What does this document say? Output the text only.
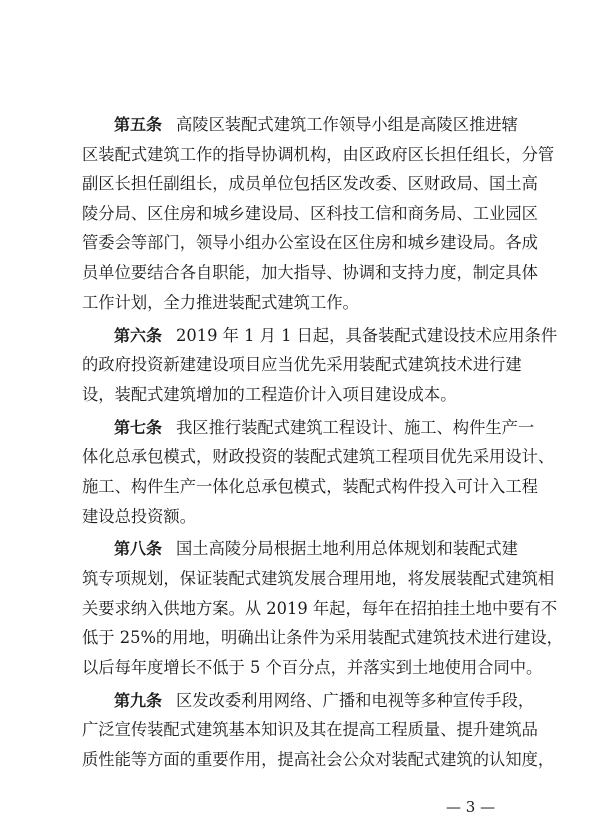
第五条 高陵区装配式建筑工作领导小组是高陵区推进辖
区装配式建筑工作的指导协调机构，由区政府区长担任组长，分管
副区长担任副组长，成员单位包括区发改委、区财政局、国土高
陵分局、区住房和城乡建设局、区科技工信和商务局、工业园区
管委会等部门，领导小组办公室设在区住房和城乡建设局。各成
员单位要结合各自职能，加大指导、协调和支持力度，制定具体
工作计划，全力推进装配式建筑工作。
第六条 2019 年 1 月 1 日起，具备装配式建设技术应用条件
的政府投资新建建设项目应当优先采用装配式建筑技术进行建
设，装配式建筑增加的工程造价计入项目建设成本。
第七条 我区推行装配式建筑工程设计、施工、构件生产一
体化总承包模式，财政投资的装配式建筑工程项目优先采用设计、
施工、构件生产一体化总承包模式，装配式构件投入可计入工程
建设总投资额。
第八条 国土高陵分局根据土地利用总体规划和装配式建
筑专项规划，保证装配式建筑发展合理用地，将发展装配式建筑相
关要求纳入供地方案。从 2019 年起，每年在招拍挂土地中要有不
低于 25%的用地，明确出让条件为采用装配式建筑技术进行建设，
以后每年度增长不低于 5 个百分点，并落实到土地使用合同中。
第九条 区发改委利用网络、广播和电视等多种宣传手段，
广泛宣传装配式建筑基本知识及其在提高工程质量、提升建筑品
质性能等方面的重要作用，提高社会公众对装配式建筑的认知度，
— 3 —
